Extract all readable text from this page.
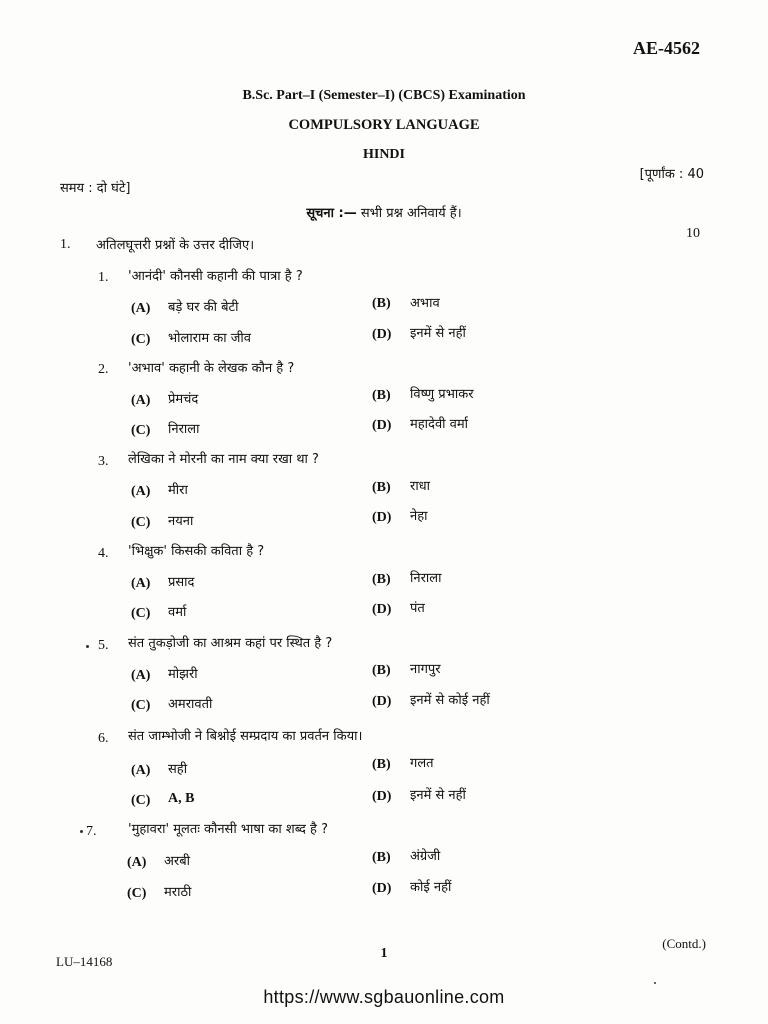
AE-4562
B.Sc. Part–I (Semester–I) (CBCS) Examination
COMPULSORY LANGUAGE
HINDI
समय : दो घंटे]
[पूर्णांक : 40
सूचना :— सभी प्रश्न अनिवार्य हैं।
1. अतिलघूत्तरी प्रश्नों के उत्तर दीजिए।
10
1. 'आनंदी' कौनसी कहानी की पात्रा है ?
(A) बड़े घर की बेटी	(B) अभाव
(C) भोलाराम का जीव	(D) इनमें से नहीं
2. 'अभाव' कहानी के लेखक कौन है ?
(A) प्रेमचंद	(B) विष्णु प्रभाकर
(C) निराला	(D) महादेवी वर्मा
3. लेखिका ने मोरनी का नाम क्या रखा था ?
(A) मीरा	(B) राधा
(C) नयना	(D) नेहा
4. 'भिक्षुक' किसकी कविता है ?
(A) प्रसाद	(B) निराला
(C) वर्मा	(D) पंत
5. संत तुकड़ोजी का आश्रम कहां पर स्थित है ?
(A) मोझरी	(B) नागपुर
(C) अमरावती	(D) इनमें से कोई नहीं
6. संत जाम्भोजी ने बिश्नोई सम्प्रदाय का प्रवर्तन किया।
(A) सही	(B) गलत
(C) A, B	(D) इनमें से नहीं
7. 'मुहावरा' मूलतः कौनसी भाषा का शब्द है ?
(A) अरबी	(B) अंग्रेजी
(C) मराठी	(D) कोई नहीं
(Contd.)
1
LU–14168
https://www.sgbauonline.com
